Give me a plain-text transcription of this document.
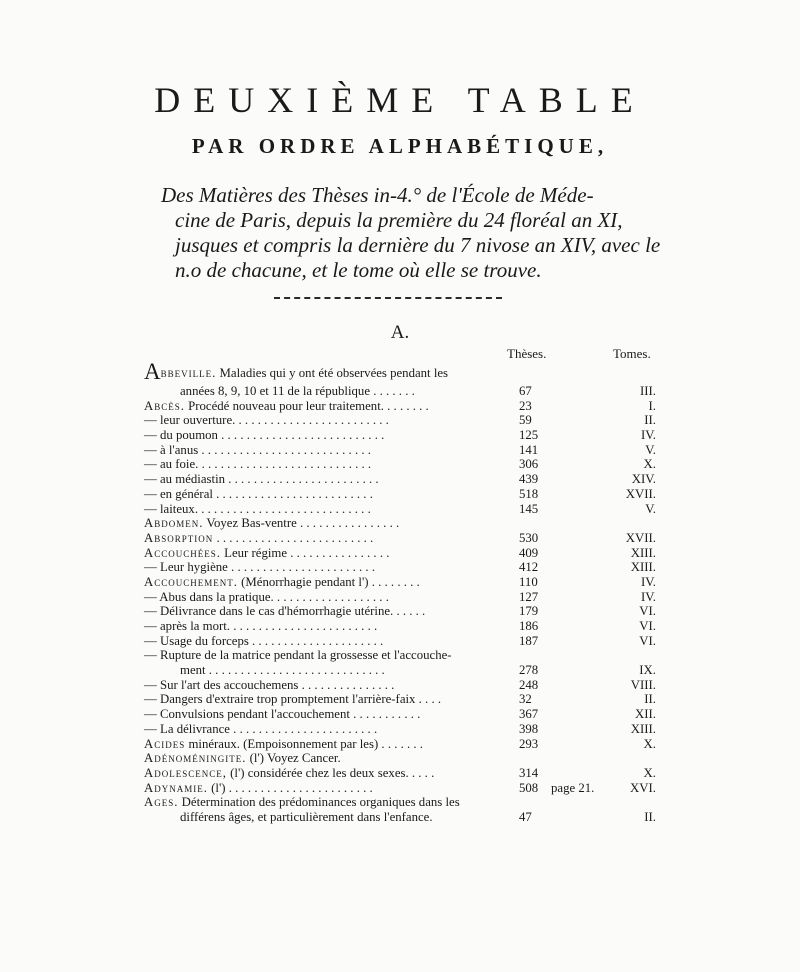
DEUXIÈME TABLE
PAR ORDRE ALPHABÉTIQUE,

Des Matières des Thèses in-4.° de l'École de Méde-
cine de Paris, depuis la première du 24 floréal an XI,
jusques et compris la dernière du 7 nivose an XIV, avec le
n.o de chacune, et le tome où elle se trouve.

A.
Thèses.	Tomes.
Abbeville. Maladies qui y ont été observées pendant les
années 8, 9, 10 et 11 de la république . . . . . . .	67	III.
Abcès. Procédé nouveau pour leur traitement. . . . . . . .	23	I.
— leur ouverture. . . . . . . . . . . . . . . . . . . . . . . . .	59	II.
— du poumon . . . . . . . . . . . . . . . . . . . . . . . . . .	125	IV.
— à l'anus . . . . . . . . . . . . . . . . . . . . . . . . . . .	141	V.
— au foie. . . . . . . . . . . . . . . . . . . . . . . . . . . .	306	X.
— au médiastin . . . . . . . . . . . . . . . . . . . . . . . .	439	XIV.
— en général . . . . . . . . . . . . . . . . . . . . . . . . .	518	XVII.
— laiteux. . . . . . . . . . . . . . . . . . . . . . . . . . . .	145	V.
Abdomen. Voyez Bas-ventre . . . . . . . . . . . . . . . .
Absorption . . . . . . . . . . . . . . . . . . . . . . . . .	530	XVII.
Accouchées. Leur régime . . . . . . . . . . . . . . . .	409	XIII.
— Leur hygiène . . . . . . . . . . . . . . . . . . . . . . .	412	XIII.
Accouchement. (Ménorrhagie pendant l') . . . . . . . .	110	IV.
— Abus dans la pratique. . . . . . . . . . . . . . . . . . .	127	IV.
— Délivrance dans le cas d'hémorrhagie utérine. . . . . .	179	VI.
— après la mort. . . . . . . . . . . . . . . . . . . . . . . .	186	VI.
— Usage du forceps . . . . . . . . . . . . . . . . . . . . .	187	VI.
— Rupture de la matrice pendant la grossesse et l'accouche-
ment . . . . . . . . . . . . . . . . . . . . . . . . . . . .	278	IX.
— Sur l'art des accouchemens . . . . . . . . . . . . . . .	248	VIII.
— Dangers d'extraire trop promptement l'arrière-faix . . . .	32	II.
— Convulsions pendant l'accouchement . . . . . . . . . . .	367	XII.
— La délivrance . . . . . . . . . . . . . . . . . . . . . . .	398	XIII.
Acides minéraux. (Empoisonnement par les) . . . . . . .	293	X.
Adénoméningite. (l') Voyez Cancer.
Adolescence, (l') considérée chez les deux sexes. . . . .	314	X.
Adynamie. (l') . . . . . . . . . . . . . . . . . . . . . . .	508 page 21.	XVI.
Ages. Détermination des prédominances organiques dans les
différens âges, et particulièrement dans l'enfance.	47	II.
